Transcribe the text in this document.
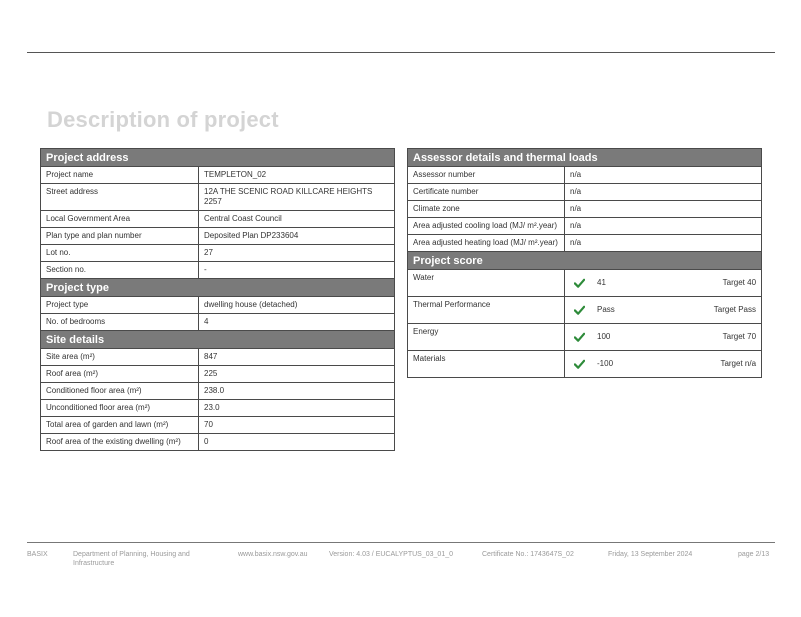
Description of project
Project address	
Project name	TEMPLETON_02
Street address	12A THE SCENIC ROAD KILLCARE HEIGHTS 2257
Local Government Area	Central Coast Council
Plan type and plan number	Deposited Plan DP233604
Lot no.	27
Section no.	-
Project type	
Project type	dwelling house (detached)
No. of bedrooms	4
Site details	
Site area (m²)	847
Roof area (m²)	225
Conditioned floor area (m²)	238.0
Unconditioned floor area (m²)	23.0
Total area of garden and lawn (m²)	70
Roof area of the existing dwelling (m²)	0
Assessor details and thermal loads	
Assessor number	n/a
Certificate number	n/a
Climate zone	n/a
Area adjusted cooling load (MJ/ m².year)	n/a
Area adjusted heating load (MJ/ m².year)	n/a
Project score	
Water	41 Target 40

Thermal Performance	Pass Target Pass

Energy	100 Target 70

Materials	-100 Target n/a
BASIX	Department of Planning, Housing and Infrastructure
www.basix.nsw.gov.au	Version: 4.03 / EUCALYPTUS_03_01_0	Certificate No.: 1743647S_02	Friday, 13 September 2024	page 2/13
